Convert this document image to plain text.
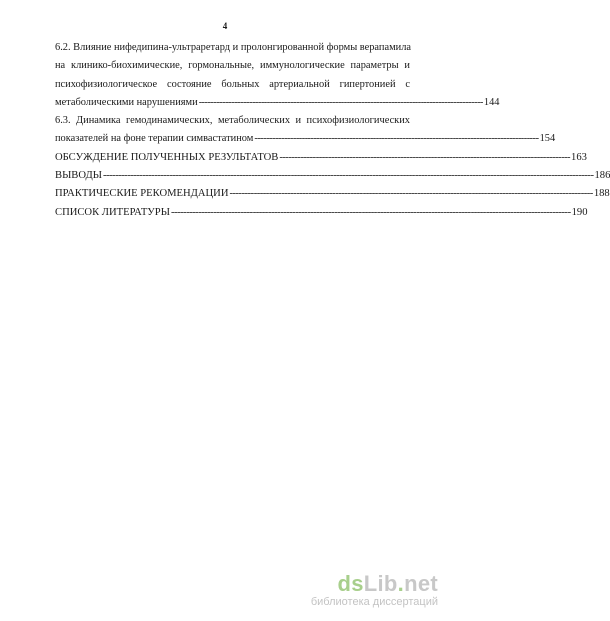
4
6.2. Влияние нифедипина-ультраретард и пролонгированной формы верапамила
на клинико-биохимические, гормональные, иммунологические параметры и
психофизиологическое состояние больных артериальной гипертонией с
метаболическими нарушениями ------------------------------------------------------------------------------------------------ 144
6.3. Динамика гемодинамических, метаболических и психофизиологических
показателей на фоне терапии симвастатином ------------------------------------------------------------------------------------------------ 154
ОБСУЖДЕНИЕ ПОЛУЧЕННЫХ РЕЗУЛЬТАТОВ ------------------------------------------------------------------------------------------------ 163
ВЫВОДЫ ------------------------------------------------------------------------------------------------------------------------------------------------------------------ 186
ПРАКТИЧЕСКИЕ РЕКОМЕНДАЦИИ ------------------------------------------------------------------------------------------------------------------------ 188
СПИСОК ЛИТЕРАТУРЫ ------------------------------------------------------------------------------------------------------------------------------------ 190
dsLib.net
библиотека диссертаций
